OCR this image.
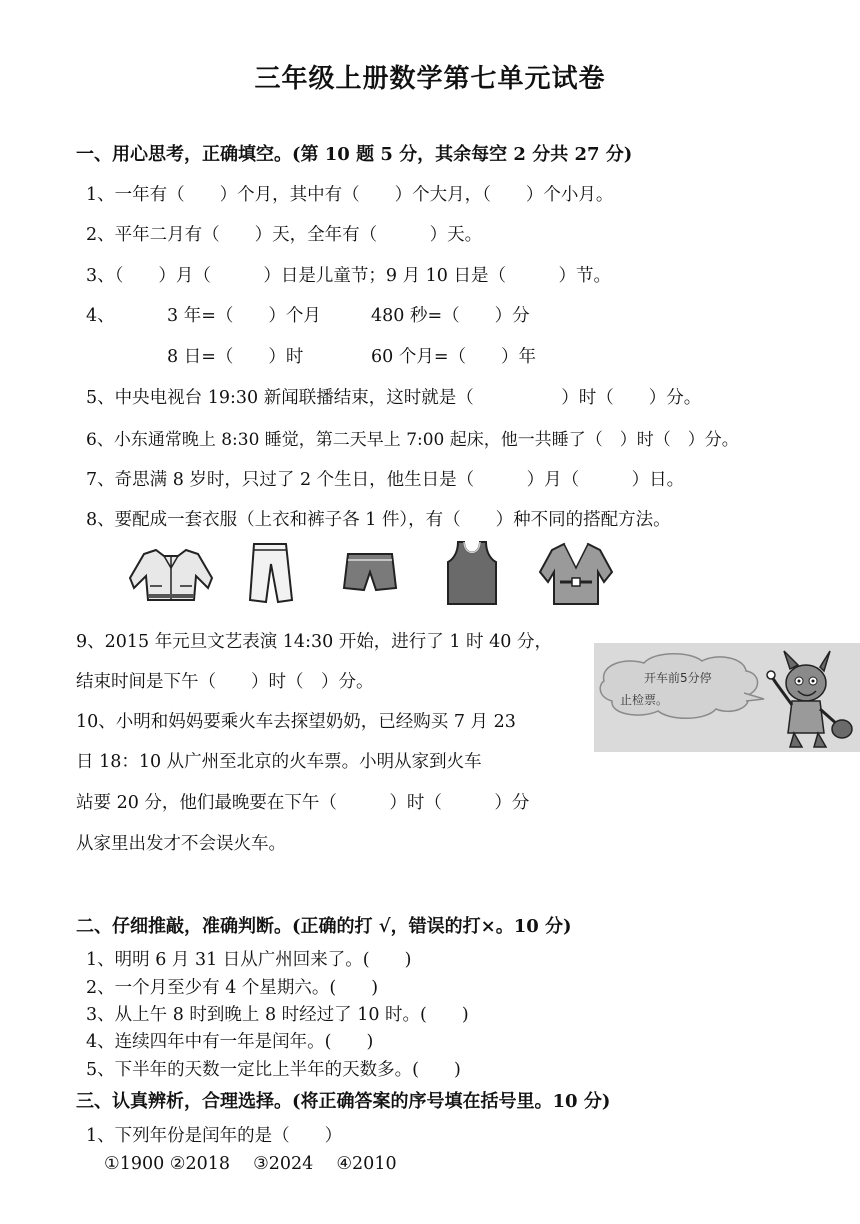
三年级上册数学第七单元试卷
一、用心思考，正确填空。(第 10 题 5 分，其余每空 2 分共 27 分)
1、一年有（　　）个月，其中有（　　）个大月，（　　）个小月。
2、平年二月有（　　）天，全年有（　　　）天。
3、（　　）月（　　　）日是儿童节；9 月 10 日是（　　　）节。
4、	3 年=（　　）个月	480 秒=（　　）分
8 日=（　　）时	60 个月=（　　）年
5、中央电视台 19:30 新闻联播结束，这时就是（　　　　　）时（　　）分。
6、小东通常晚上 8:30 睡觉，第二天早上 7:00 起床，他一共睡了（　）时（　）分。
7、奇思满 8 岁时，只过了 2 个生日，他生日是（　　　）月（　　　）日。
8、要配成一套衣服（上衣和裤子各 1 件），有（　　）种不同的搭配方法。
9、2015 年元旦文艺表演 14:30 开始，进行了 1 时 40 分，
结束时间是下午（　　）时（　）分。
10、小明和妈妈要乘火车去探望奶奶，已经购买 7 月 23
日 18：10 从广州至北京的火车票。小明从家到火车
站要 20 分，他们最晚要在下午（　　　）时（　　　）分
从家里出发才不会误火车。
开车前5分停
止检票。
二、仔细推敲，准确判断。(正确的打 √，错误的打×。10 分)
1、明明 6 月 31 日从广州回来了。(　　)
2、一个月至少有 4 个星期六。(　　)
3、从上午 8 时到晚上 8 时经过了 10 时。(　　)
4、连续四年中有一年是闰年。(　　)
5、下半年的天数一定比上半年的天数多。(　　)
三、认真辨析，合理选择。(将正确答案的序号填在括号里。10 分)
1、下列年份是闰年的是（　　）
①1900 ②2018　 ③2024　 ④2010
